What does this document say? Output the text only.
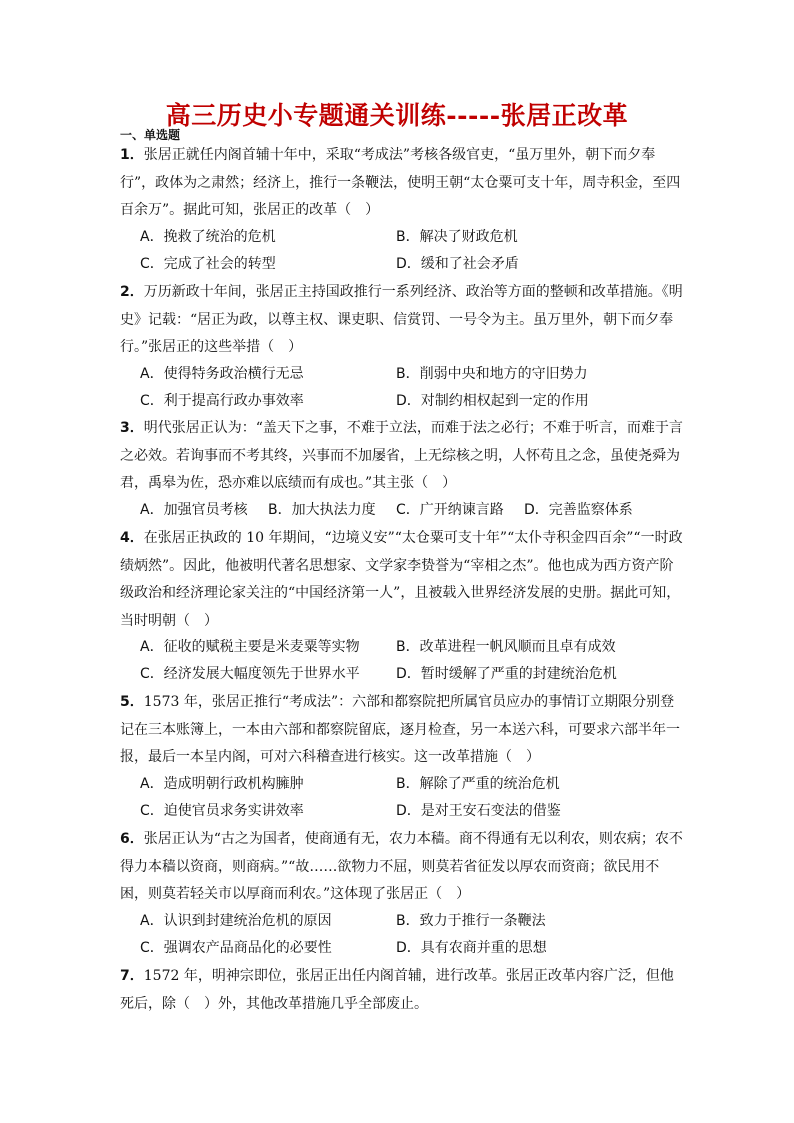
高三历史小专题通关训练-----张居正改革
一、单选题
1．张居正就任内阁首辅十年中，采取“考成法”考核各级官吏，“虽万里外，朝下而夕奉行”，政体为之肃然；经济上，推行一条鞭法，使明王朝“太仓粟可支十年，周寺积金，至四百余万”。据此可知，张居正的改革（　）
A．挽救了统治的危机	B．解决了财政危机
C．完成了社会的转型	D．缓和了社会矛盾
2．万历新政十年间，张居正主持国政推行一系列经济、政治等方面的整顿和改革措施。《明史》记载：“居正为政，以尊主权、课吏职、信赏罚、一号令为主。虽万里外，朝下而夕奉行。”张居正的这些举措（　）
A．使得特务政治横行无忌	B．削弱中央和地方的守旧势力
C．利于提高行政办事效率	D．对制约相权起到一定的作用
3．明代张居正认为：“盖天下之事，不难于立法，而难于法之必行；不难于听言，而难于言之必效。若询事而不考其终，兴事而不加屡省，上无综核之明，人怀苟且之念，虽使尧舜为君，禹皋为佐，恐亦难以底绩而有成也。”其主张（　）
A．加强官员考核 B．加大执法力度 C．广开纳谏言路 D．完善监察体系
4．在张居正执政的 10 年期间，“边境义安”“太仓粟可支十年”“太仆寺积金四百余”“一时政绩炳然”。因此，他被明代著名思想家、文学家李贽誉为“宰相之杰”。他也成为西方资产阶级政治和经济理论家关注的“中国经济第一人”，且被载入世界经济发展的史册。据此可知，当时明朝（　）
A．征收的赋税主要是米麦粟等实物	B．改革进程一帆风顺而且卓有成效
C．经济发展大幅度领先于世界水平	D．暂时缓解了严重的封建统治危机
5．1573 年，张居正推行“考成法”：六部和都察院把所属官员应办的事情订立期限分别登记在三本账簿上，一本由六部和都察院留底，逐月检查，另一本送六科，可要求六部半年一报，最后一本呈内阁，可对六科稽查进行核实。这一改革措施（　）
A．造成明朝行政机构臃肿	B．解除了严重的统治危机
C．迫使官员求务实讲效率	D．是对王安石变法的借鉴
6．张居正认为“古之为国者，使商通有无，农力本穑。商不得通有无以利农，则农病；农不得力本穑以资商，则商病。”“故……欲物力不屈，则莫若省征发以厚农而资商；欲民用不困，则莫若轻关市以厚商而利农。”这体现了张居正（　）
A．认识到封建统治危机的原因	B．致力于推行一条鞭法
C．强调农产品商品化的必要性	D．具有农商并重的思想
7．1572 年，明神宗即位，张居正出任内阁首辅，进行改革。张居正改革内容广泛，但他死后，除（　）外，其他改革措施几乎全部废止。
